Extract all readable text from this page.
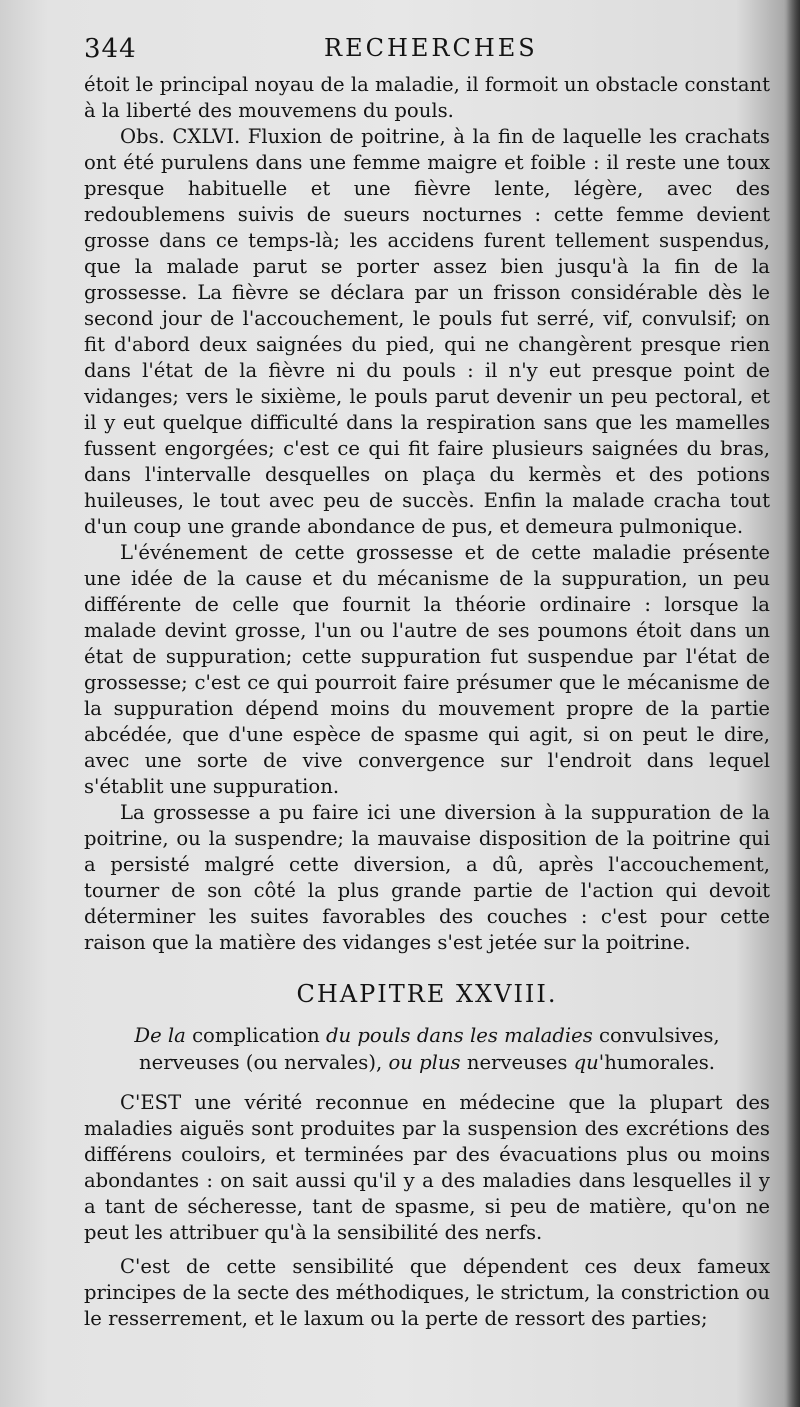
344	RECHERCHES

étoit le principal noyau de la maladie, il formoit un obstacle constant à la liberté des mouvemens du pouls.

Obs. CXLVI. Fluxion de poitrine, à la fin de laquelle les crachats ont été purulens dans une femme maigre et foible : il reste une toux presque habituelle et une fièvre lente, légère, avec des redoublemens suivis de sueurs nocturnes : cette femme devient grosse dans ce temps-là; les accidens furent tellement suspendus, que la malade parut se porter assez bien jusqu'à la fin de la grossesse. La fièvre se déclara par un frisson considérable dès le second jour de l'accouchement, le pouls fut serré, vif, convulsif; on fit d'abord deux saignées du pied, qui ne changèrent presque rien dans l'état de la fièvre ni du pouls : il n'y eut presque point de vidanges; vers le sixième, le pouls parut devenir un peu pectoral, et il y eut quelque difficulté dans la respiration sans que les mamelles fussent engorgées; c'est ce qui fit faire plusieurs saignées du bras, dans l'intervalle desquelles on plaça du kermès et des potions huileuses, le tout avec peu de succès. Enfin la malade cracha tout d'un coup une grande abondance de pus, et demeura pulmonique.

L'événement de cette grossesse et de cette maladie présente une idée de la cause et du mécanisme de la suppuration, un peu différente de celle que fournit la théorie ordinaire : lorsque la malade devint grosse, l'un ou l'autre de ses poumons étoit dans un état de suppuration; cette suppuration fut suspendue par l'état de grossesse; c'est ce qui pourroit faire présumer que le mécanisme de la suppuration dépend moins du mouvement propre de la partie abcédée, que d'une espèce de spasme qui agit, si on peut le dire, avec une sorte de vive convergence sur l'endroit dans lequel s'établit une suppuration.

La grossesse a pu faire ici une diversion à la suppuration de la poitrine, ou la suspendre; la mauvaise disposition de la poitrine qui a persisté malgré cette diversion, a dû, après l'accouchement, tourner de son côté la plus grande partie de l'action qui devoit déterminer les suites favorables des couches : c'est pour cette raison que la matière des vidanges s'est jetée sur la poitrine.

CHAPITRE XXVIII.
De la complication du pouls dans les maladies convulsives, nerveuses (ou nervales), ou plus nerveuses qu'humorales.

C'EST une vérité reconnue en médecine que la plupart des maladies aiguës sont produites par la suspension des excrétions des différens couloirs, et terminées par des évacuations plus ou moins abondantes : on sait aussi qu'il y a des maladies dans lesquelles il y a tant de sécheresse, tant de spasme, si peu de matière, qu'on ne peut les attribuer qu'à la sensibilité des nerfs.

C'est de cette sensibilité que dépendent ces deux fameux principes de la secte des méthodiques, le strictum, la constriction ou le resserrement, et le laxum ou la perte de ressort des parties;
